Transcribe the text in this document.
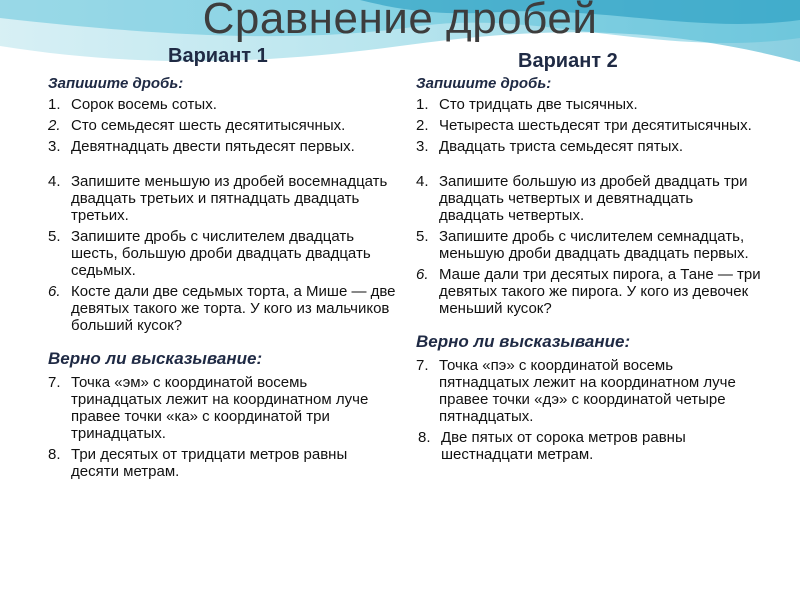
Сравнение дробей
Вариант 1	Вариант 2
Запишите дробь:
1. Сорок восемь сотых.
2. Сто семьдесят шесть десятитысячных.
3. Девятнадцать двести пятьдесят первых.
4. Запишите меньшую из дробей восемнадцать двадцать третьих и пятнадцать двадцать третьих.
5. Запишите дробь с числителем двадцать шесть, большую дроби двадцать двадцать седьмых.
6. Косте дали две седьмых торта, а Мише — две девятых такого же торта. У кого из мальчиков больший кусок?
Верно ли высказывание:
7. Точка «эм» с координатой восемь тринадцатых лежит на координатном луче правее точки «ка» с координатой три тринадцатых.
8. Три десятых от тридцати метров равны десяти метрам.
Запишите дробь:
1. Сто тридцать две тысячных.
2. Четыреста шестьдесят три десятитысячных.
3. Двадцать триста семьдесят пятых.
4. Запишите большую из дробей двадцать три двадцать четвертых и девятнадцать двадцать четвертых.
5. Запишите дробь с числителем семнадцать, меньшую дроби двадцать двадцать первых.
6. Маше дали три десятых пирога, а Тане — три девятых такого же пирога. У кого из девочек меньший кусок?
Верно ли высказывание:
7. Точка «пэ» с координатой восемь пятнадцатых лежит на координатном луче правее точки «дэ» с координатой четыре пятнадцатых.
8. Две пятых от сорока метров равны шестнадцати метрам.
